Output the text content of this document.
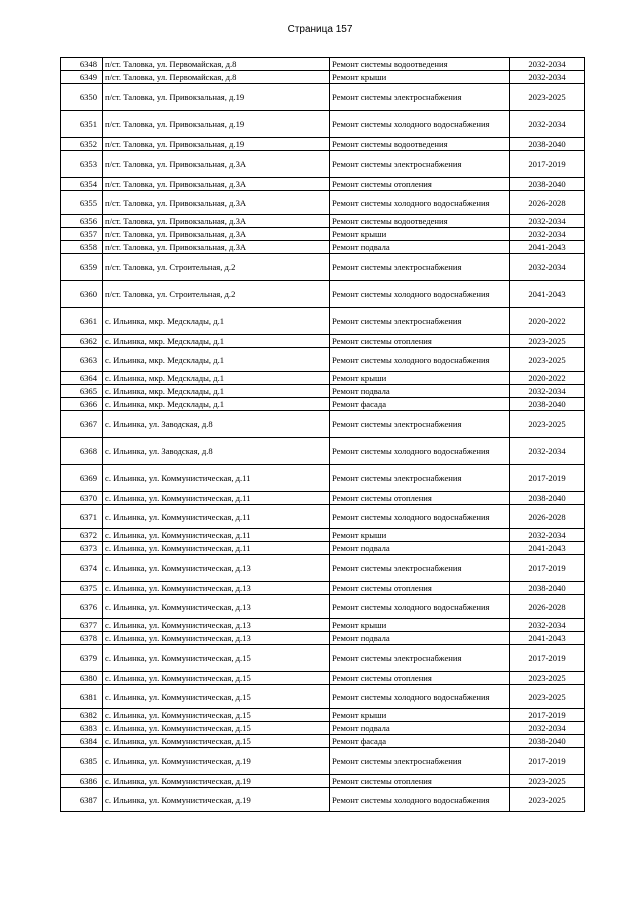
Страница 157
6348	п/ст. Таловка, ул. Первомайская, д.8	Ремонт системы водоотведения	2032-2034
6349	п/ст. Таловка, ул. Первомайская, д.8	Ремонт крыши	2032-2034
6350	п/ст. Таловка, ул. Привокзальная, д.19	Ремонт системы электроснабжения	2023-2025
6351	п/ст. Таловка, ул. Привокзальная, д.19	Ремонт системы холодного водоснабжения	2032-2034
6352	п/ст. Таловка, ул. Привокзальная, д.19	Ремонт системы водоотведения	2038-2040
6353	п/ст. Таловка, ул. Привокзальная, д.3А	Ремонт системы электроснабжения	2017-2019
6354	п/ст. Таловка, ул. Привокзальная, д.3А	Ремонт системы отопления	2038-2040
6355	п/ст. Таловка, ул. Привокзальная, д.3А	Ремонт системы холодного водоснабжения	2026-2028
6356	п/ст. Таловка, ул. Привокзальная, д.3А	Ремонт системы водоотведения	2032-2034
6357	п/ст. Таловка, ул. Привокзальная, д.3А	Ремонт крыши	2032-2034
6358	п/ст. Таловка, ул. Привокзальная, д.3А	Ремонт подвала	2041-2043
6359	п/ст. Таловка, ул. Строительная, д.2	Ремонт системы электроснабжения	2032-2034
6360	п/ст. Таловка, ул. Строительная, д.2	Ремонт системы холодного водоснабжения	2041-2043
6361	с. Ильинка, мкр. Медсклады, д.1	Ремонт системы электроснабжения	2020-2022
6362	с. Ильинка, мкр. Медсклады, д.1	Ремонт системы отопления	2023-2025
6363	с. Ильинка, мкр. Медсклады, д.1	Ремонт системы холодного водоснабжения	2023-2025
6364	с. Ильинка, мкр. Медсклады, д.1	Ремонт крыши	2020-2022
6365	с. Ильинка, мкр. Медсклады, д.1	Ремонт подвала	2032-2034
6366	с. Ильинка, мкр. Медсклады, д.1	Ремонт фасада	2038-2040
6367	с. Ильинка, ул. Заводская, д.8	Ремонт системы электроснабжения	2023-2025
6368	с. Ильинка, ул. Заводская, д.8	Ремонт системы холодного водоснабжения	2032-2034
6369	с. Ильинка, ул. Коммунистическая, д.11	Ремонт системы электроснабжения	2017-2019
6370	с. Ильинка, ул. Коммунистическая, д.11	Ремонт системы отопления	2038-2040
6371	с. Ильинка, ул. Коммунистическая, д.11	Ремонт системы холодного водоснабжения	2026-2028
6372	с. Ильинка, ул. Коммунистическая, д.11	Ремонт крыши	2032-2034
6373	с. Ильинка, ул. Коммунистическая, д.11	Ремонт подвала	2041-2043
6374	с. Ильинка, ул. Коммунистическая, д.13	Ремонт системы электроснабжения	2017-2019
6375	с. Ильинка, ул. Коммунистическая, д.13	Ремонт системы отопления	2038-2040
6376	с. Ильинка, ул. Коммунистическая, д.13	Ремонт системы холодного водоснабжения	2026-2028
6377	с. Ильинка, ул. Коммунистическая, д.13	Ремонт крыши	2032-2034
6378	с. Ильинка, ул. Коммунистическая, д.13	Ремонт подвала	2041-2043
6379	с. Ильинка, ул. Коммунистическая, д.15	Ремонт системы электроснабжения	2017-2019
6380	с. Ильинка, ул. Коммунистическая, д.15	Ремонт системы отопления	2023-2025
6381	с. Ильинка, ул. Коммунистическая, д.15	Ремонт системы холодного водоснабжения	2023-2025
6382	с. Ильинка, ул. Коммунистическая, д.15	Ремонт крыши	2017-2019
6383	с. Ильинка, ул. Коммунистическая, д.15	Ремонт подвала	2032-2034
6384	с. Ильинка, ул. Коммунистическая, д.15	Ремонт фасада	2038-2040
6385	с. Ильинка, ул. Коммунистическая, д.19	Ремонт системы электроснабжения	2017-2019
6386	с. Ильинка, ул. Коммунистическая, д.19	Ремонт системы отопления	2023-2025
6387	с. Ильинка, ул. Коммунистическая, д.19	Ремонт системы холодного водоснабжения	2023-2025
